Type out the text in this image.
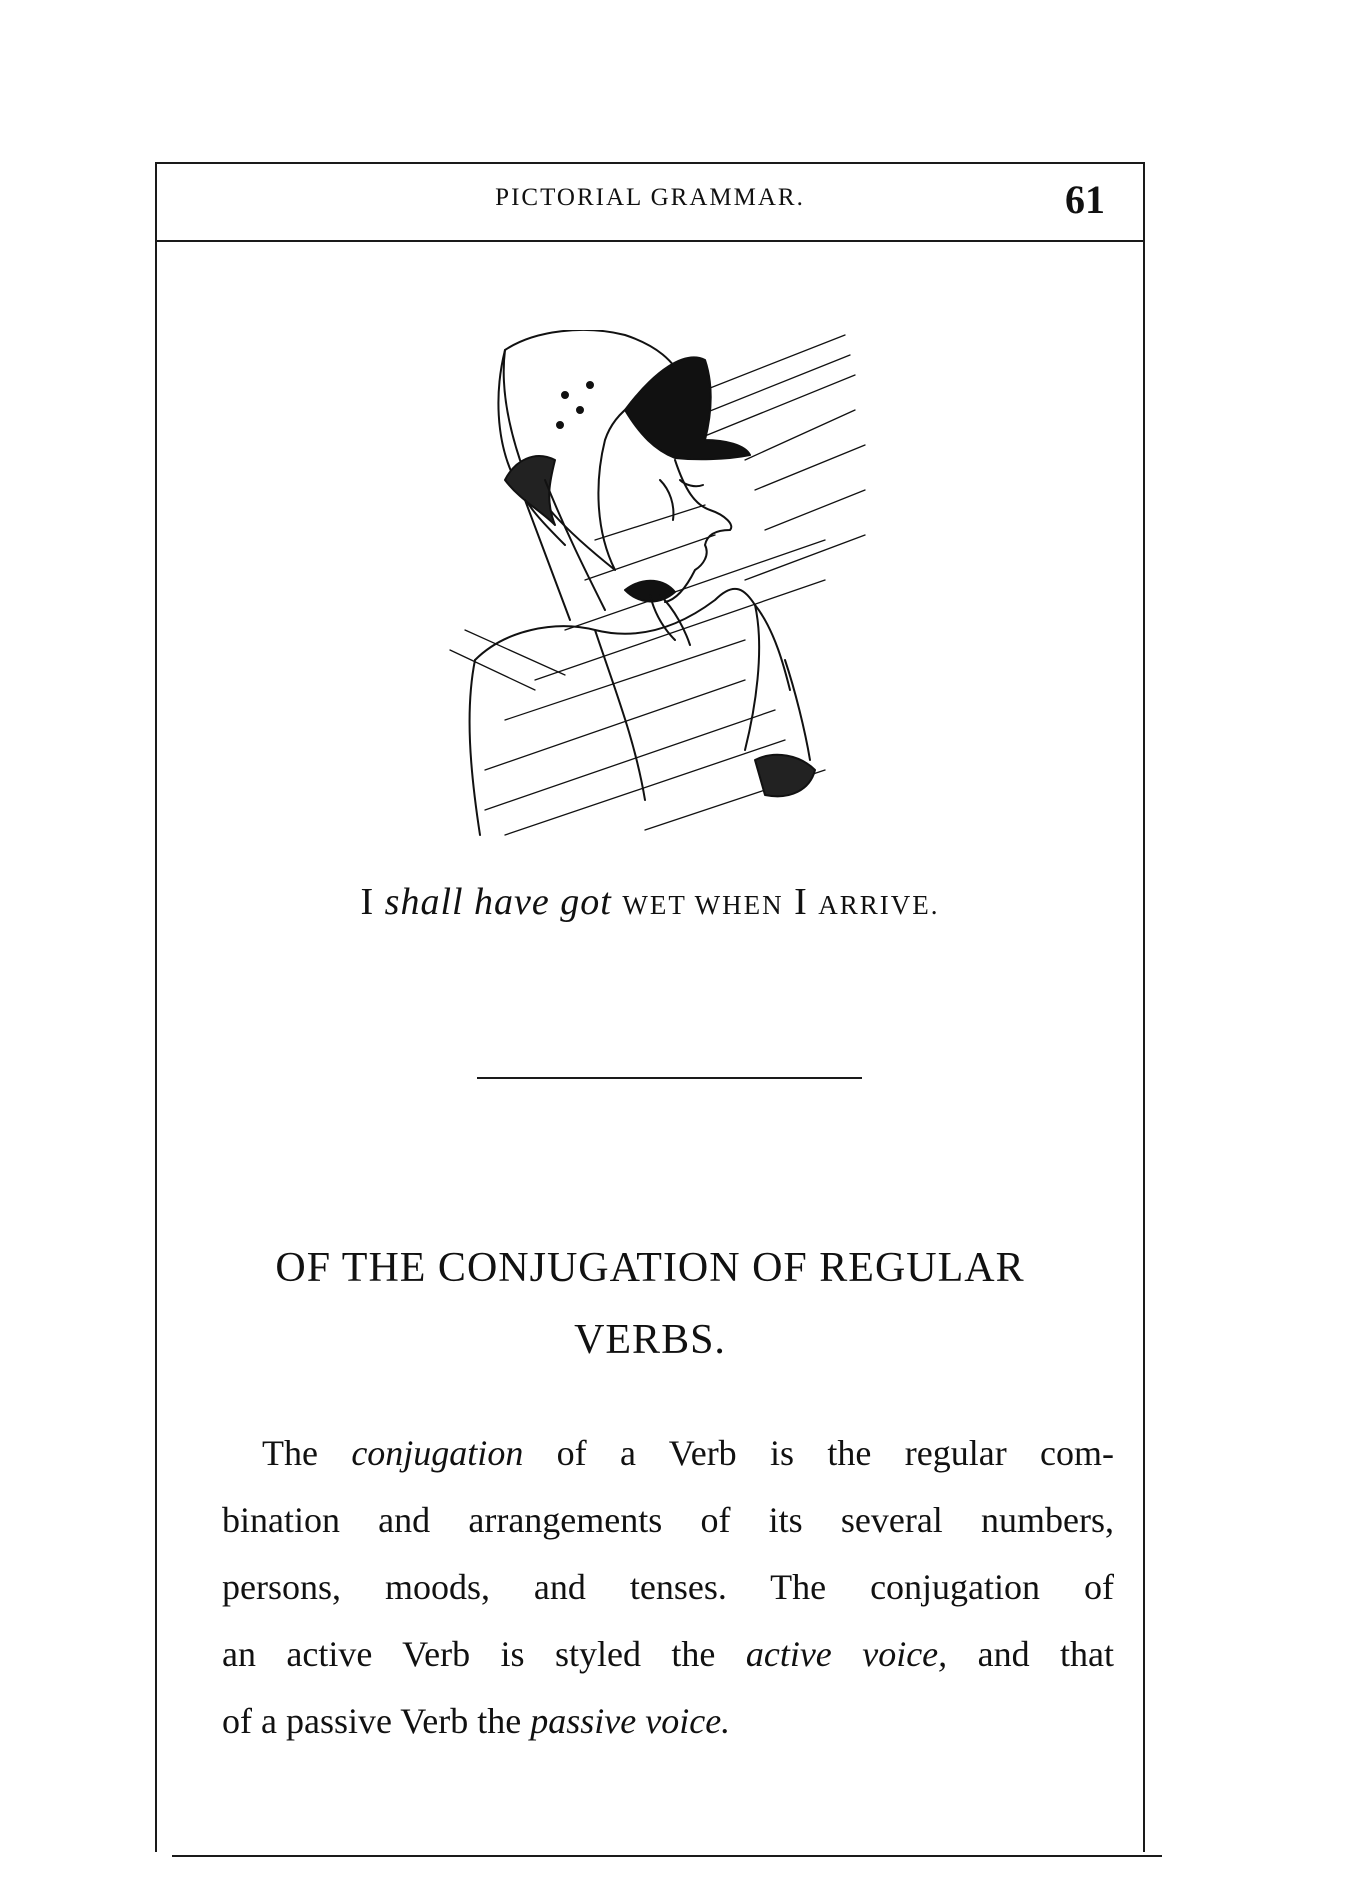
PICTORIAL GRAMMAR.	61
I shall have got WET WHEN I ARRIVE.
OF THE CONJUGATION OF REGULAR
VERBS.
The conjugation of a Verb is the regular com-
bination and arrangements of its several numbers,
persons, moods, and tenses. The conjugation of
an active Verb is styled the active voice, and that
of a passive Verb the passive voice.
